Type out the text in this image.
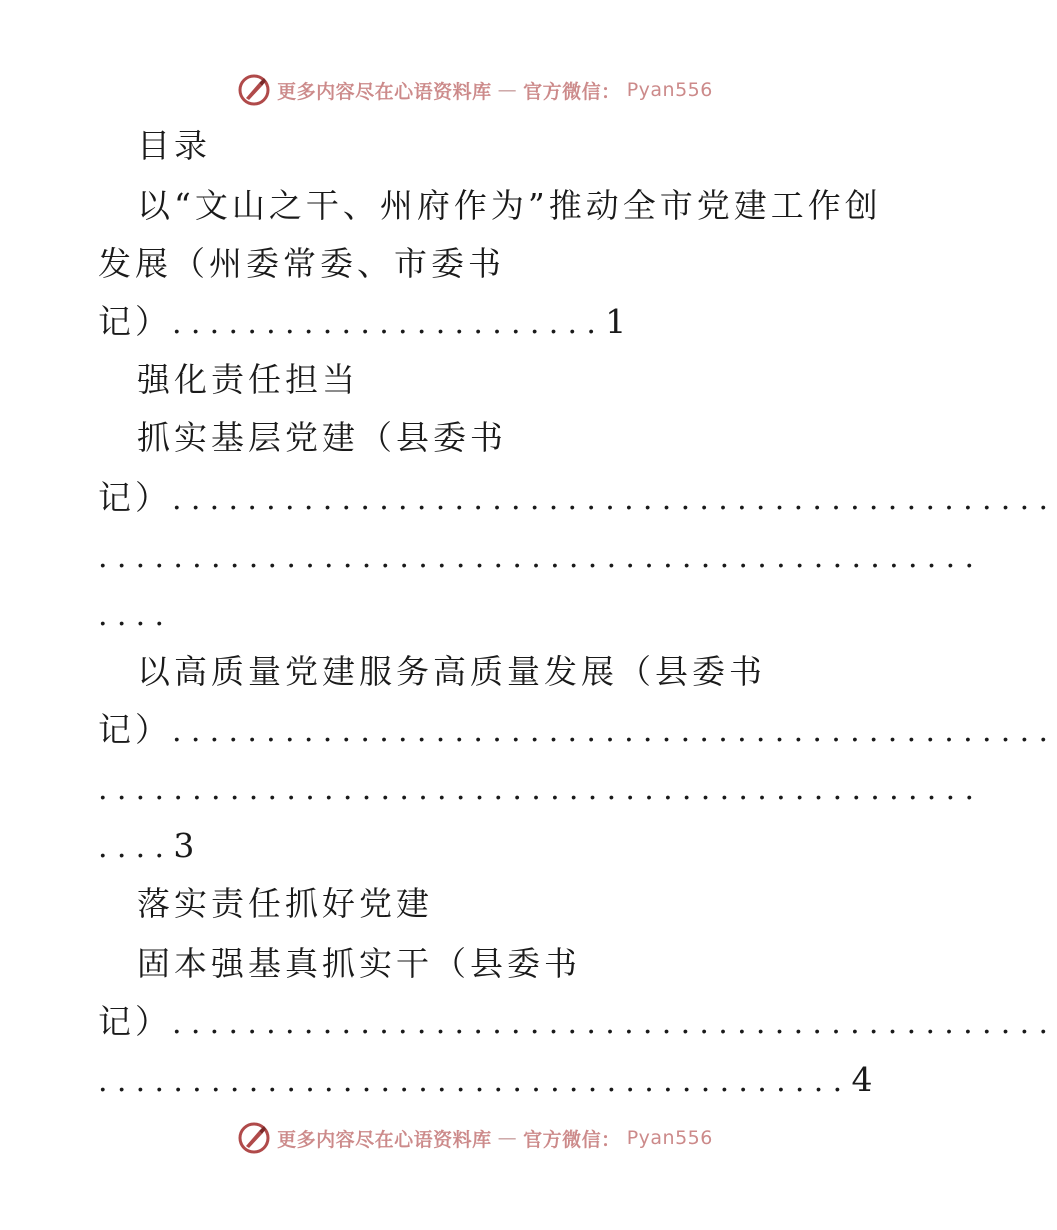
更多内容尽在心语资料库 — 官方微信： Pyan556
目录
以“文山之干、州府作为”推动全市党建工作创
发展（州委常委、市委书
记）.......................1
强化责任担当
抓实基层党建（县委书
记）...............................................
...............................................
....
以高质量党建服务高质量发展（县委书
记）...............................................
...............................................
....3
落实责任抓好党建
固本强基真抓实干（县委书
记）...............................................
........................................4
更多内容尽在心语资料库 — 官方微信： Pyan556
